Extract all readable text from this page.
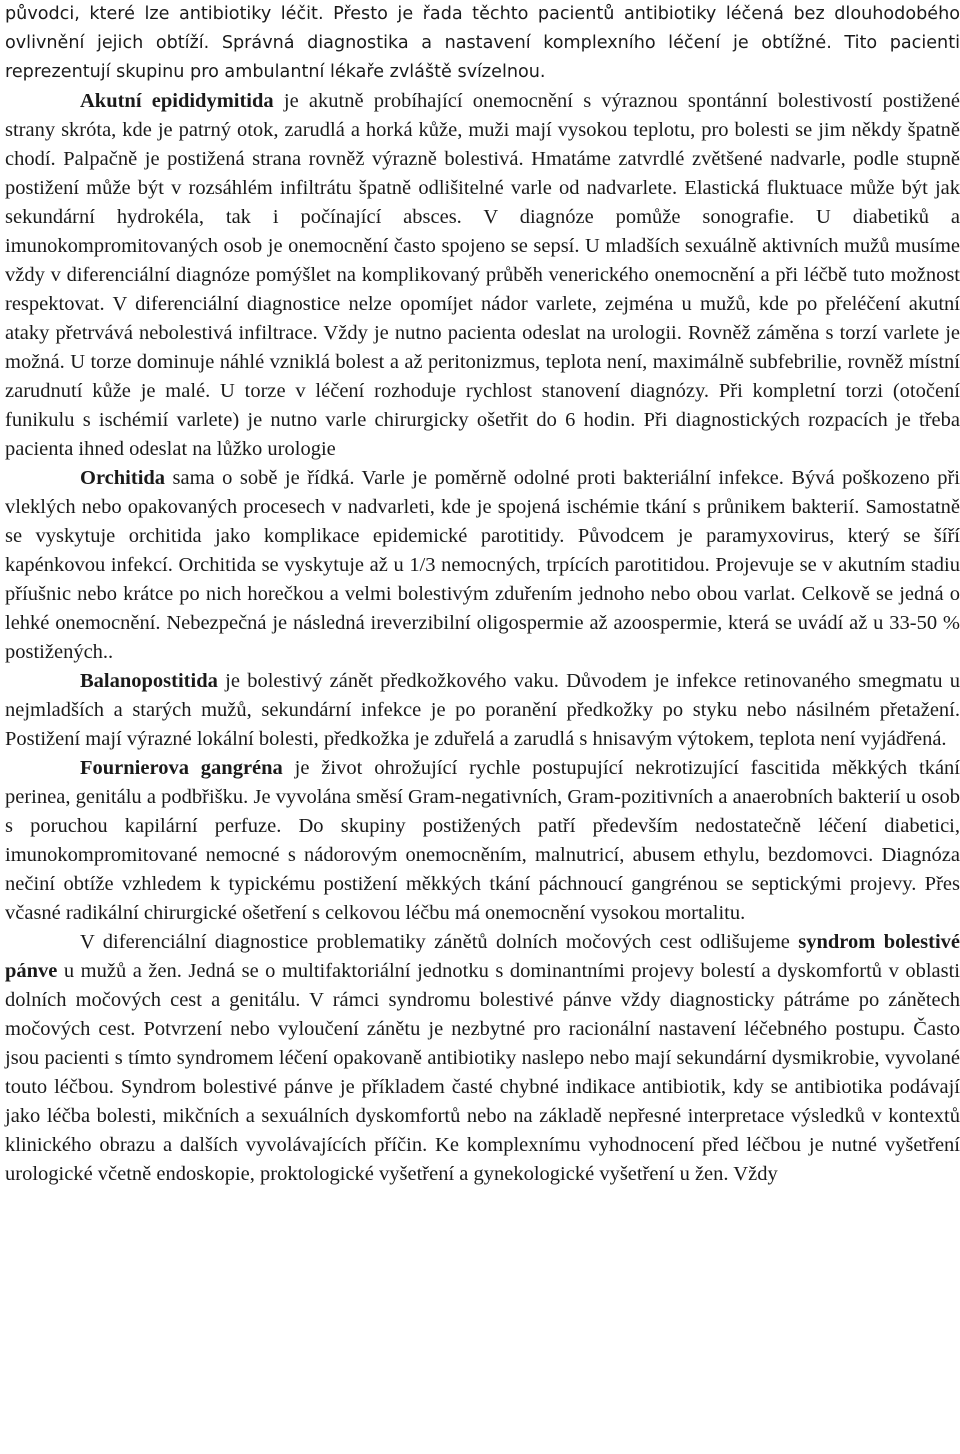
původci, které lze antibiotiky léčit. Přesto je řada těchto pacientů antibiotiky léčená bez dlouhodobého ovlivnění jejich obtíží. Správná diagnostika a nastavení komplexního léčení je obtížné. Tito pacienti reprezentují skupinu pro ambulantní lékaře zvláště svízelnou.

Akutní epididymitida je akutně probíhající onemocnění s výraznou spontánní bolestivostí postižené strany skróta, kde je patrný otok, zarudlá a horká kůže, muži mají vysokou teplotu, pro bolesti se jim někdy špatně chodí. Palpačně je postižená strana rovněž výrazně bolestivá. Hmatáme zatvrdlé zvětšené nadvarle, podle stupně postižení může být v rozsáhlém infiltrátu špatně odlišitelné varle od nadvarlete. Elastická fluktuace může být jak sekundární hydrokéla, tak i počínající absces. V diagnóze pomůže sonografie. U diabetiků a imunokompromitovaných osob je onemocnění často spojeno se sepsí. U mladších sexuálně aktivních mužů musíme vždy v diferenciální diagnóze pomýšlet na komplikovaný průběh venerického onemocnění a při léčbě tuto možnost respektovat. V diferenciální diagnostice nelze opomíjet nádor varlete, zejména u mužů, kde po přeléčení akutní ataky přetrvává nebolestivá infiltrace. Vždy je nutno pacienta odeslat na urologii. Rovněž záměna s torzí varlete je možná. U torze dominuje náhlé vzniklá bolest a až peritonizmus, teplota není, maximálně subfebrilie, rovněž místní zarudnutí kůže je malé. U torze v léčení rozhoduje rychlost stanovení diagnózy. Při kompletní torzi (otočení funikulu s ischémií varlete) je nutno varle chirurgicky ošetřit do 6 hodin. Při diagnostických rozpacích je třeba pacienta ihned odeslat na lůžko urologie

Orchitida sama o sobě je řídká. Varle je poměrně odolné proti bakteriální infekce. Bývá poškozeno při vleklých nebo opakovaných procesech v nadvarleti, kde je spojená ischémie tkání s průnikem bakterií. Samostatně se vyskytuje orchitida jako komplikace epidemické parotitidy. Původcem je paramyxovirus, který se šíří kapénkovou infekcí. Orchitida se vyskytuje až u 1/3 nemocných, trpících parotitidou. Projevuje se v akutním stadiu příušnic nebo krátce po nich horečkou a velmi bolestivým zduřením jednoho nebo obou varlat. Celkově se jedná o lehké onemocnění. Nebezpečná je následná ireverzibilní oligospermie až azoospermie, která se uvádí až u 33-50 % postižených..

Balanopostitida je bolestivý zánět předkožkového vaku. Důvodem je infekce retinovaného smegmatu u nejmladších a starých mužů, sekundární infekce je po poranění předkožky po styku nebo násilném přetažení. Postižení mají výrazné lokální bolesti, předkožka je zduřelá a zarudlá s hnisavým výtokem, teplota není vyjádřená.

Fournierova gangréna je život ohrožující rychle postupující nekrotizující fascitida měkkých tkání perinea, genitálu a podbřišku. Je vyvolána směsí Gram-negativních, Gram-pozitivních a anaerobních bakterií u osob s poruchou kapilární perfuze. Do skupiny postižených patří především nedostatečně léčení diabetici, imunokompromitované nemocné s nádorovým onemocněním, malnutricí, abusem ethylu, bezdomovci. Diagnóza nečiní obtíže vzhledem k typickému postižení měkkých tkání páchnoucí gangrénou se septickými projevy. Přes včasné radikální chirurgické ošetření s celkovou léčbu má onemocnění vysokou mortalitu.

V diferenciální diagnostice problematiky zánětů dolních močových cest odlišujeme syndrom bolestivé pánve u mužů a žen. Jedná se o multifaktoriální jednotku s dominantními projevy bolestí a dyskomfortů v oblasti dolních močových cest a genitálu. V rámci syndromu bolestivé pánve vždy diagnosticky pátráme po zánětech močových cest. Potvrzení nebo vyloučení zánětu je nezbytné pro racionální nastavení léčebného postupu. Často jsou pacienti s tímto syndromem léčení opakovaně antibiotiky naslepo nebo mají sekundární dysmikrobie, vyvolané touto léčbou. Syndrom bolestivé pánve je příkladem časté chybné indikace antibiotik, kdy se antibiotika podávají jako léčba bolesti, mikčních a sexuálních dyskomfortů nebo na základě nepřesné interpretace výsledků v kontextů klinického obrazu a dalších vyvolávajících příčin. Ke komplexnímu vyhodnocení před léčbou je nutné vyšetření urologické včetně endoskopie, proktologické vyšetření a gynekologické vyšetření u žen. Vždy
